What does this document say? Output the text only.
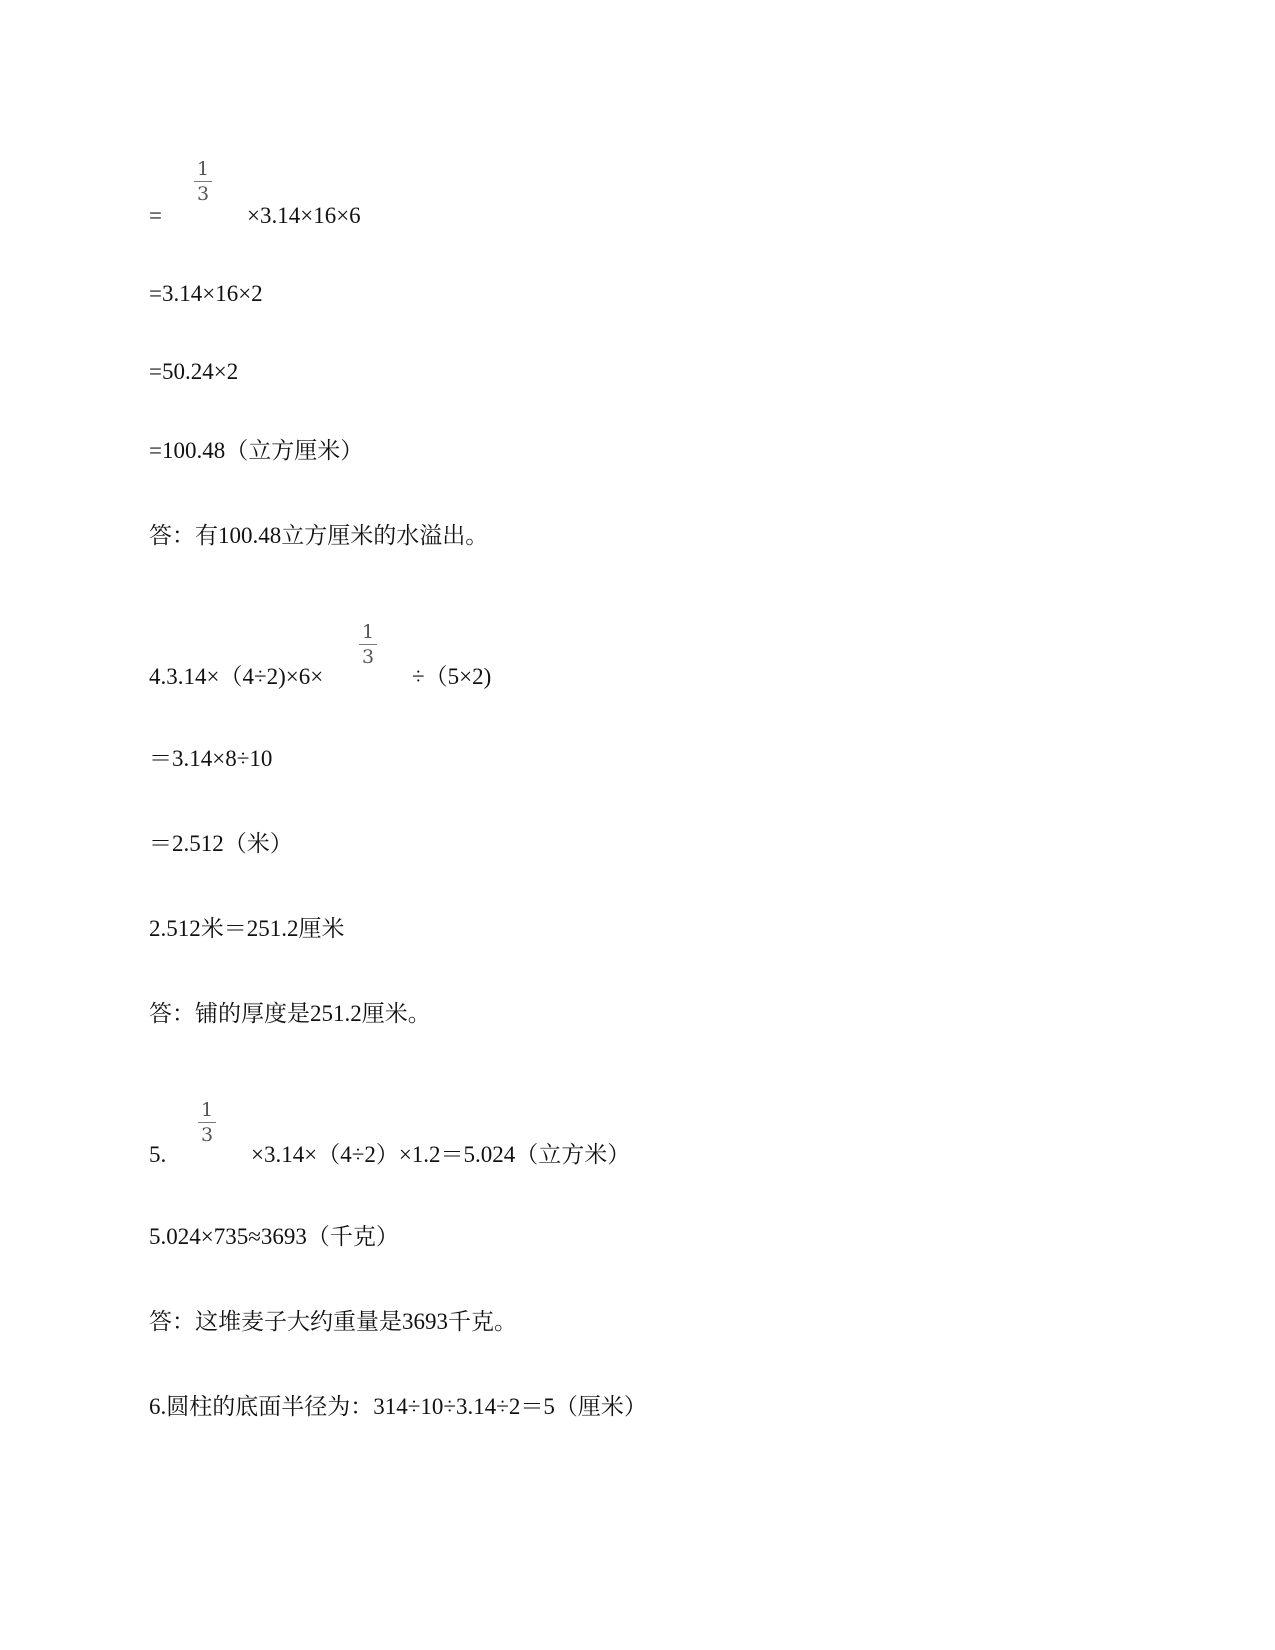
=
1
3
×3.14×16×6
=3.14×16×2
=50.24×2
=100.48（立方厘米）
答：有100.48立方厘米的水溢出。
4.3.14×（4÷2)×6×
1
3
÷（5×2)
＝3.14×8÷10
＝2.512（米）
2.512米＝251.2厘米
答：铺的厚度是251.2厘米。
5.
1
3
×3.14×（4÷2）×1.2＝5.024（立方米）
5.024×735≈3693（千克）
答：这堆麦子大约重量是3693千克。
6.圆柱的底面半径为：314÷10÷3.14÷2＝5（厘米）
